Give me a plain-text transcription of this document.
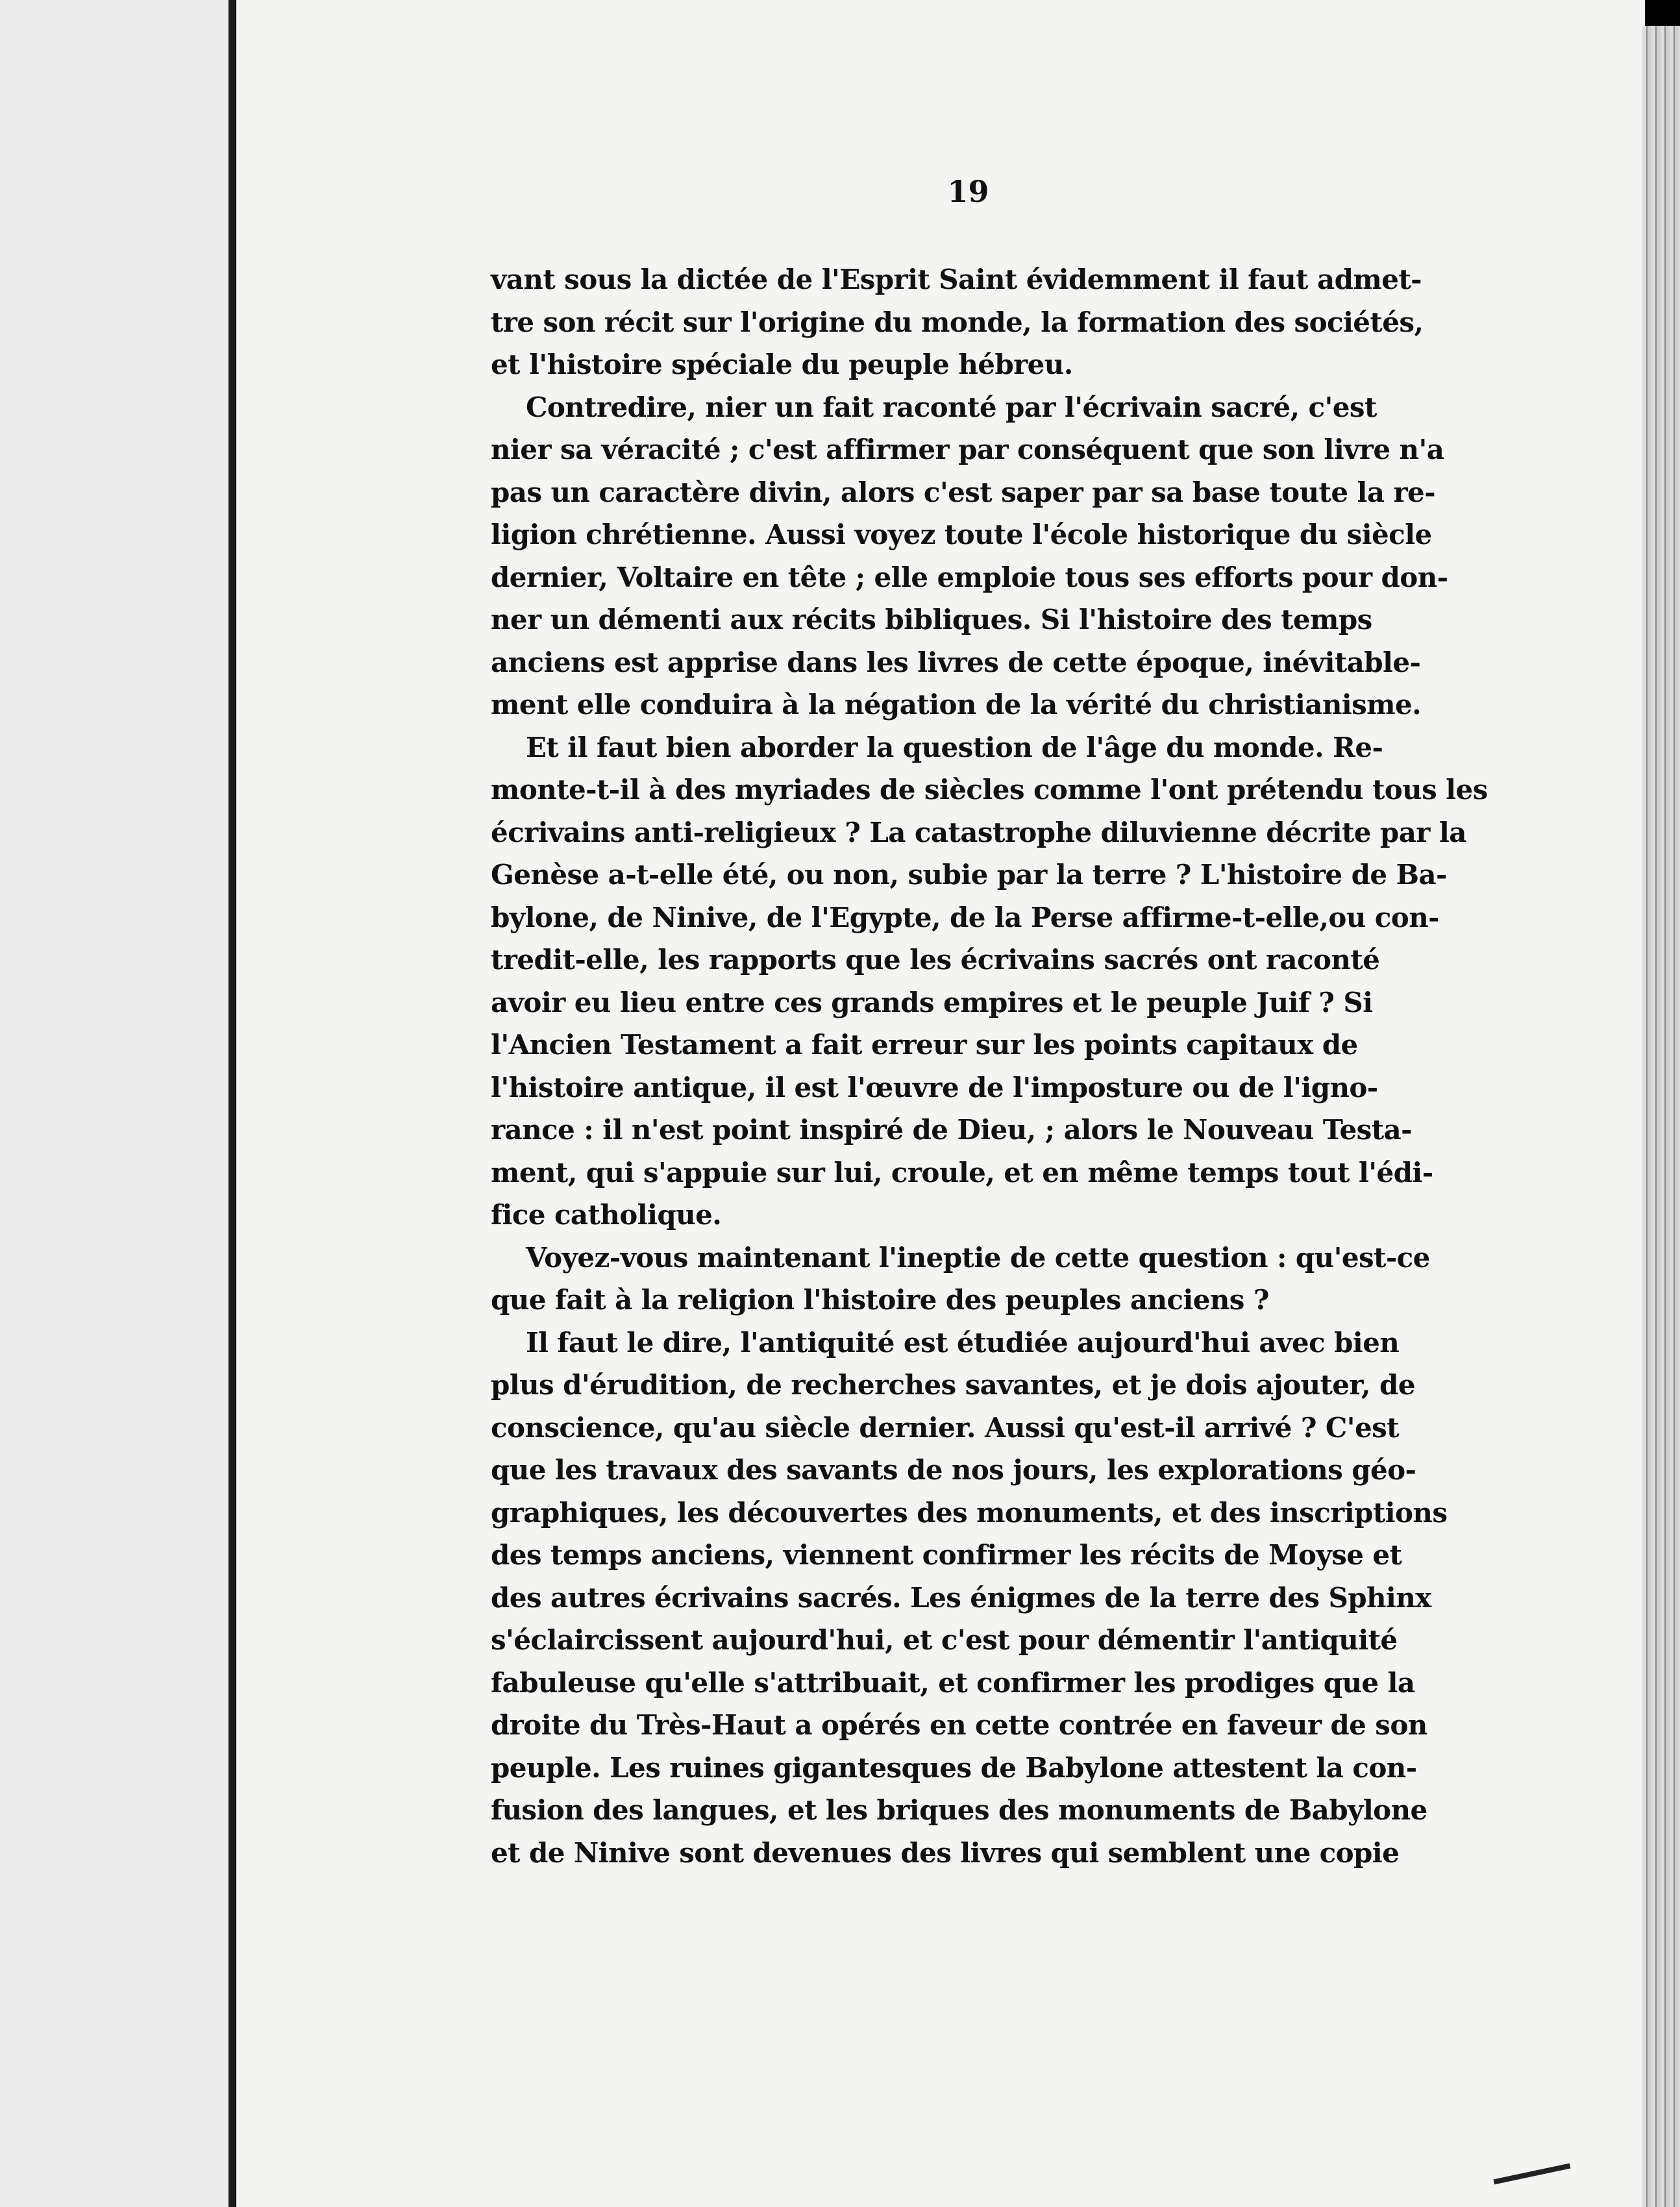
19
vant sous la dictée de l'Esprit Saint évidemment il faut admet-
tre son récit sur l'origine du monde, la formation des sociétés,
et l'histoire spéciale du peuple hébreu.
Contredire, nier un fait raconté par l'écrivain sacré, c'est
nier sa véracité ; c'est affirmer par conséquent que son livre n'a
pas un caractère divin, alors c'est saper par sa base toute la re-
ligion chrétienne. Aussi voyez toute l'école historique du siècle
dernier, Voltaire en tête ; elle emploie tous ses efforts pour don-
ner un démenti aux récits bibliques. Si l'histoire des temps
anciens est apprise dans les livres de cette époque, inévitable-
ment elle conduira à la négation de la vérité du christianisme.
Et il faut bien aborder la question de l'âge du monde. Re-
monte-t-il à des myriades de siècles comme l'ont prétendu tous les
écrivains anti-religieux ? La catastrophe diluvienne décrite par la
Genèse a-t-elle été, ou non, subie par la terre ? L'histoire de Ba-
bylone, de Ninive, de l'Egypte, de la Perse affirme-t-elle,ou con-
tredit-elle, les rapports que les écrivains sacrés ont raconté
avoir eu lieu entre ces grands empires et le peuple Juif ? Si
l'Ancien Testament a fait erreur sur les points capitaux de
l'histoire antique, il est l'œuvre de l'imposture ou de l'igno-
rance : il n'est point inspiré de Dieu, ; alors le Nouveau Testa-
ment, qui s'appuie sur lui, croule, et en même temps tout l'édi-
fice catholique.
Voyez-vous maintenant l'ineptie de cette question : qu'est-ce
que fait à la religion l'histoire des peuples anciens ?
Il faut le dire, l'antiquité est étudiée aujourd'hui avec bien
plus d'érudition, de recherches savantes, et je dois ajouter, de
conscience, qu'au siècle dernier. Aussi qu'est-il arrivé ? C'est
que les travaux des savants de nos jours, les explorations géo-
graphiques, les découvertes des monuments, et des inscriptions
des temps anciens, viennent confirmer les récits de Moyse et
des autres écrivains sacrés. Les énigmes de la terre des Sphinx
s'éclaircissent aujourd'hui, et c'est pour démentir l'antiquité
fabuleuse qu'elle s'attribuait, et confirmer les prodiges que la
droite du Très-Haut a opérés en cette contrée en faveur de son
peuple. Les ruines gigantesques de Babylone attestent la con-
fusion des langues, et les briques des monuments de Babylone
et de Ninive sont devenues des livres qui semblent une copie
